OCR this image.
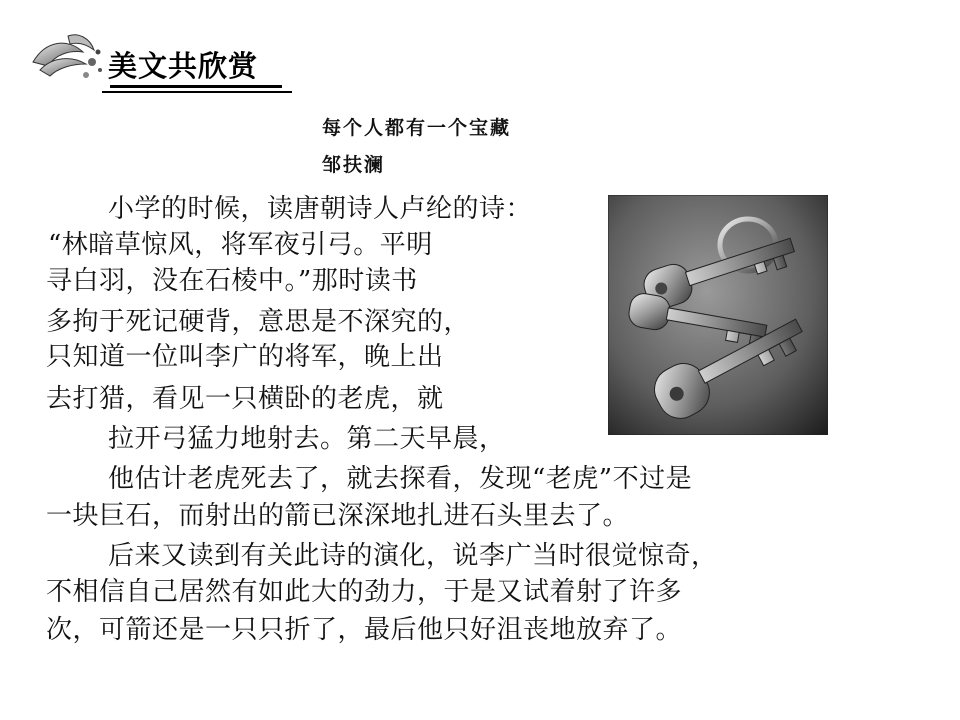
美文共欣赏
每个人都有一个宝藏
邹扶澜
小学的时候，读唐朝诗人卢纶的诗：
“林暗草惊风，将军夜引弓。平明
寻白羽，没在石棱中。”那时读书
多拘于死记硬背，意思是不深究的，
只知道一位叫李广的将军，晚上出
去打猎，看见一只横卧的老虎，就
拉开弓猛力地射去。第二天早晨，
他估计老虎死去了，就去探看，发现“老虎”不过是
一块巨石，而射出的箭已深深地扎进石头里去了。
后来又读到有关此诗的演化，说李广当时很觉惊奇，
不相信自己居然有如此大的劲力，于是又试着射了许多
次，可箭还是一只只折了，最后他只好沮丧地放弃了。
